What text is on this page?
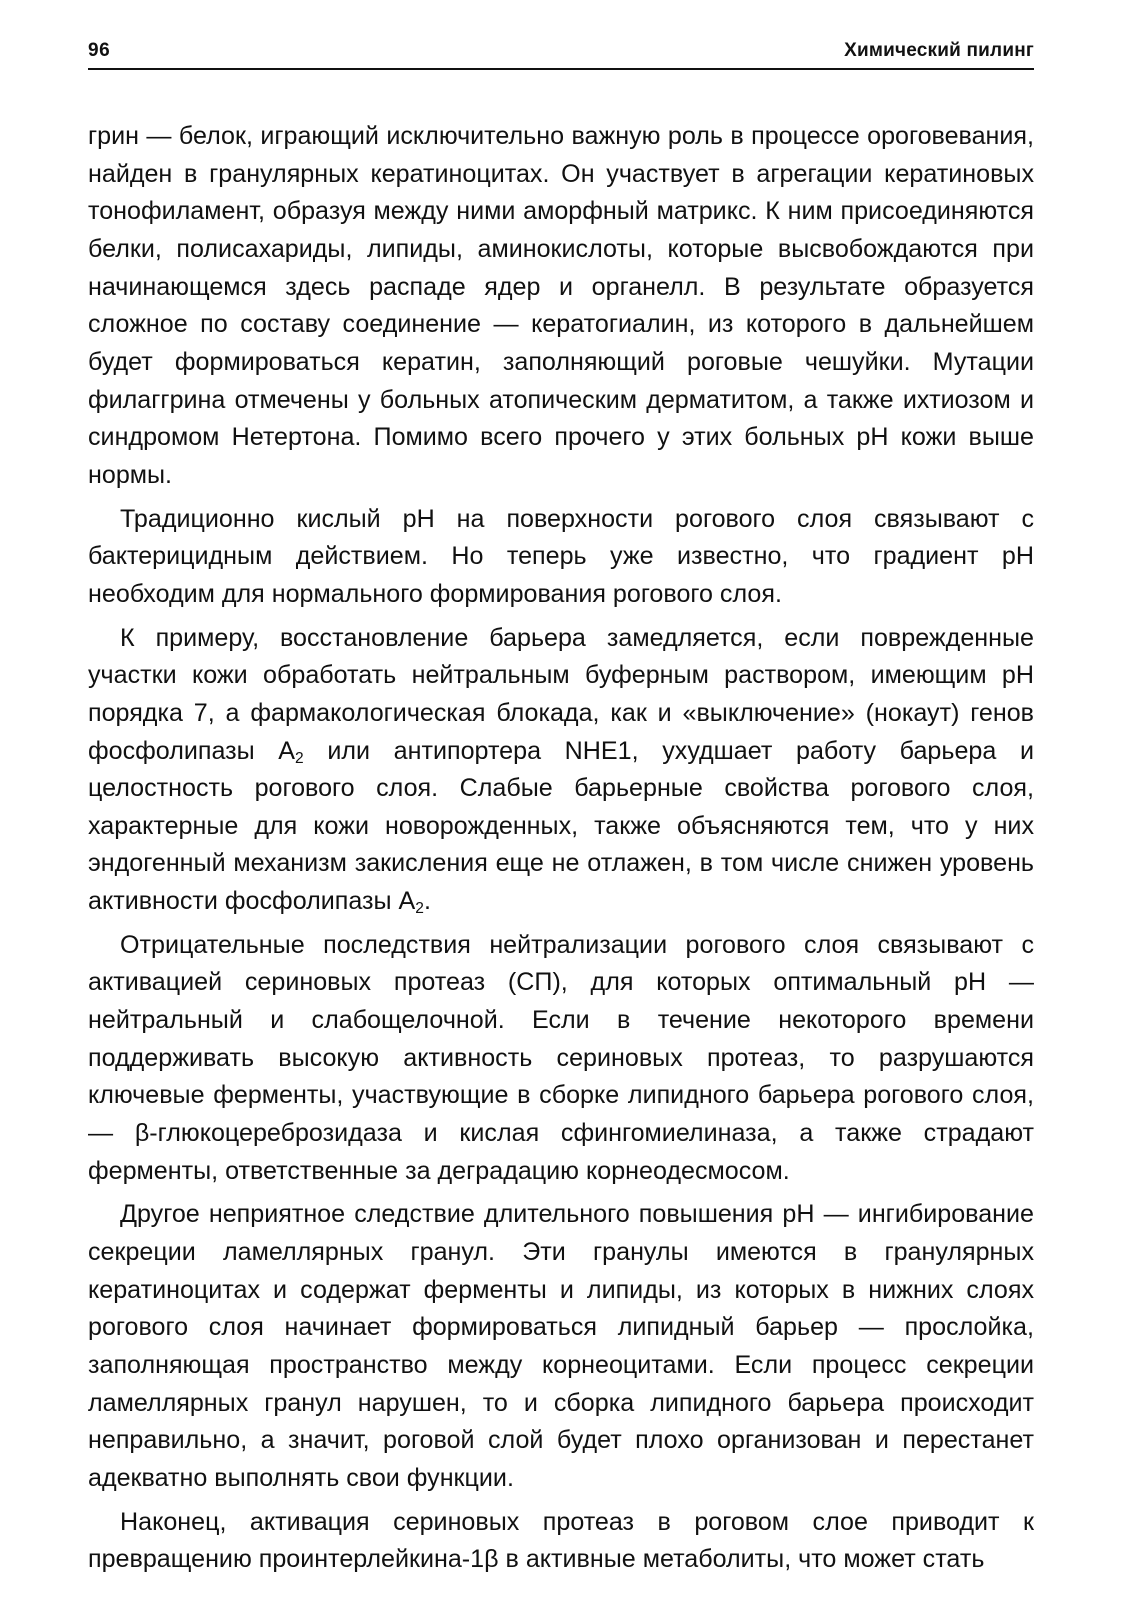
96	Химический пилинг

грин — белок, играющий исключительно важную роль в процессе ороговевания, найден в гранулярных кератиноцитах. Он участвует в агрегации кератиновых тонофиламент, образуя между ними аморфный матрикс. К ним присоединяются белки, полисахариды, липиды, аминокислоты, которые высвобождаются при начинающемся здесь распаде ядер и органелл. В результате образуется сложное по составу соединение — кератогиалин, из которого в дальнейшем будет формироваться кератин, заполняющий роговые чешуйки. Мутации филаггрина отмечены у больных атопическим дерматитом, а также ихтиозом и синдромом Нетертона. Помимо всего прочего у этих больных pH кожи выше нормы.

Традиционно кислый pH на поверхности рогового слоя связывают с бактерицидным действием. Но теперь уже известно, что градиент pH необходим для нормального формирования рогового слоя.

К примеру, восстановление барьера замедляется, если поврежденные участки кожи обработать нейтральным буферным раствором, имеющим pH порядка 7, а фармакологическая блокада, как и «выключение» (нокаут) генов фосфолипазы $A_2$ или антипортера NHE1, ухудшает работу барьера и целостность рогового слоя. Слабые барьерные свойства рогового слоя, характерные для кожи новорожденных, также объясняются тем, что у них эндогенный механизм закисления еще не отлажен, в том числе снижен уровень активности фосфолипазы $A_2$.

Отрицательные последствия нейтрализации рогового слоя связывают с активацией сериновых протеаз (СП), для которых оптимальный pH — нейтральный и слабощелочной. Если в течение некоторого времени поддерживать высокую активность сериновых протеаз, то разрушаются ключевые ферменты, участвующие в сборке липидного барьера рогового слоя, — β-глюкоцереброзидаза и кислая сфингомиелиназа, а также страдают ферменты, ответственные за деградацию корнеодесмосом.

Другое неприятное следствие длительного повышения pH — ингибирование секреции ламеллярных гранул. Эти гранулы имеются в гранулярных кератиноцитах и содержат ферменты и липиды, из которых в нижних слоях рогового слоя начинает формироваться липидный барьер — прослойка, заполняющая пространство между корнеоцитами. Если процесс секреции ламеллярных гранул нарушен, то и сборка липидного барьера происходит неправильно, а значит, роговой слой будет плохо организован и перестанет адекватно выполнять свои функции.

Наконец, активация сериновых протеаз в роговом слое приводит к превращению проинтерлейкина-1β в активные метаболиты, что может стать
